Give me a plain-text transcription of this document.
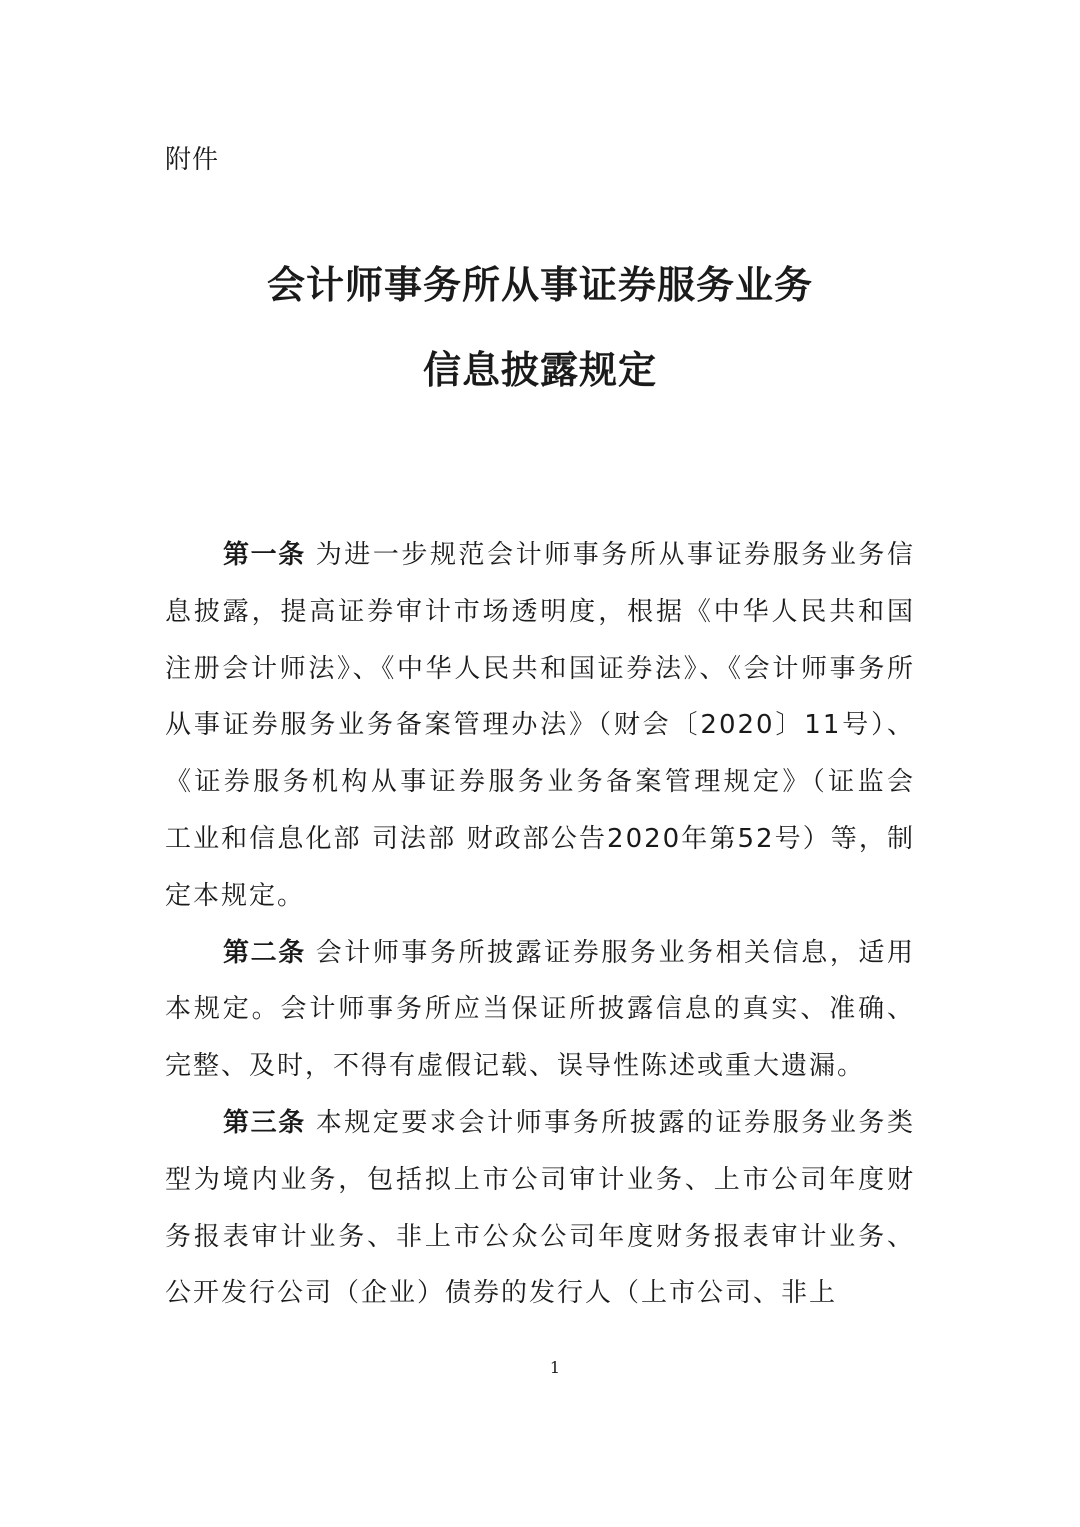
附件
会计师事务所从事证券服务业务
信息披露规定

第一条 为进一步规范会计师事务所从事证券服务业务信息披露，提高证券审计市场透明度，根据《中华人民共和国注册会计师法》、《中华人民共和国证券法》、《会计师事务所从事证券服务业务备案管理办法》（财会〔2020〕11号）、《证券服务机构从事证券服务业务备案管理规定》（证监会 工业和信息化部 司法部 财政部公告2020年第52号）等，制定本规定。

第二条 会计师事务所披露证券服务业务相关信息，适用本规定。会计师事务所应当保证所披露信息的真实、准确、完整、及时，不得有虚假记载、误导性陈述或重大遗漏。

第三条 本规定要求会计师事务所披露的证券服务业务类型为境内业务，包括拟上市公司审计业务、上市公司年度财务报表审计业务、非上市公众公司年度财务报表审计业务、公开发行公司（企业）债券的发行人（上市公司、非上

1
